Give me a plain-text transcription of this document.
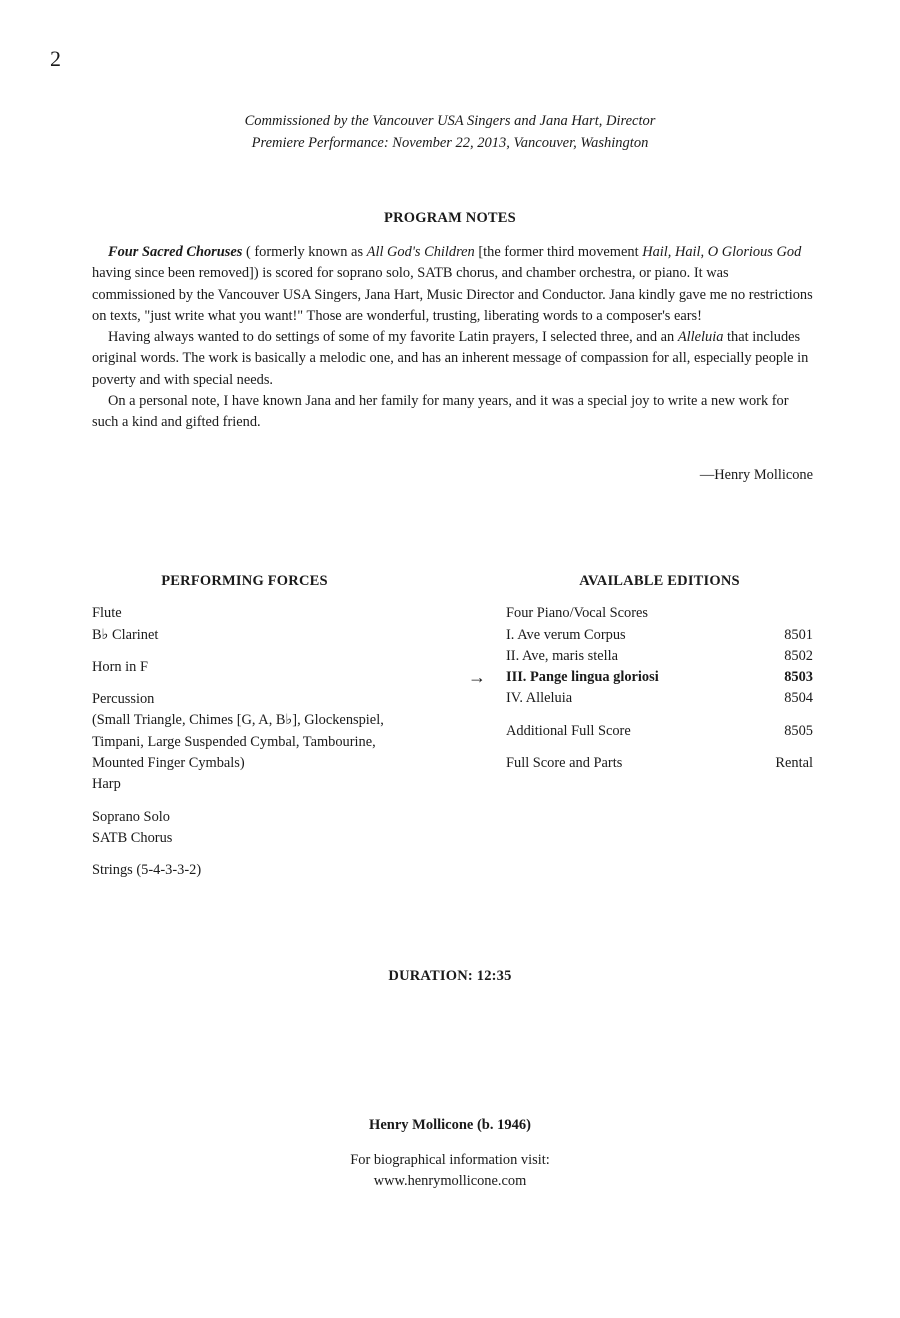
2
Commissioned by the Vancouver USA Singers and Jana Hart, Director
Premiere Performance: November 22, 2013, Vancouver, Washington
PROGRAM NOTES

Four Sacred Choruses ( formerly known as All God's Children [the former third movement Hail, Hail, O Glorious God having since been removed]) is scored for soprano solo, SATB chorus, and chamber orchestra, or piano. It was commissioned by the Vancouver USA Singers, Jana Hart, Music Director and Conductor. Jana kindly gave me no restrictions on texts, "just write what you want!" Those are wonderful, trusting, liberating words to a composer's ears!

Having always wanted to do settings of some of my favorite Latin prayers, I selected three, and an Alleluia that includes original words. The work is basically a melodic one, and has an inherent message of compassion for all, especially people in poverty and with special needs.

On a personal note, I have known Jana and her family for many years, and it was a special joy to write a new work for such a kind and gifted friend.

—Henry Mollicone
PERFORMING FORCES
Flute
B♭ Clarinet
Horn in F
Percussion
(Small Triangle, Chimes [G, A, B♭], Glockenspiel,
Timpani, Large Suspended Cymbal, Tambourine,
Mounted Finger Cymbals)
Harp
Soprano Solo
SATB Chorus
Strings (5-4-3-3-2)
AVAILABLE EDITIONS
Four Piano/Vocal Scores
I. Ave verum Corpus	8501
II. Ave, maris stella	8502
→ III. Pange lingua gloriosi	8503
IV. Alleluia	8504
Additional Full Score	8505
Full Score and Parts	Rental
DURATION: 12:35
Henry Mollicone (b. 1946)
For biographical information visit:
www.henrymollicone.com
